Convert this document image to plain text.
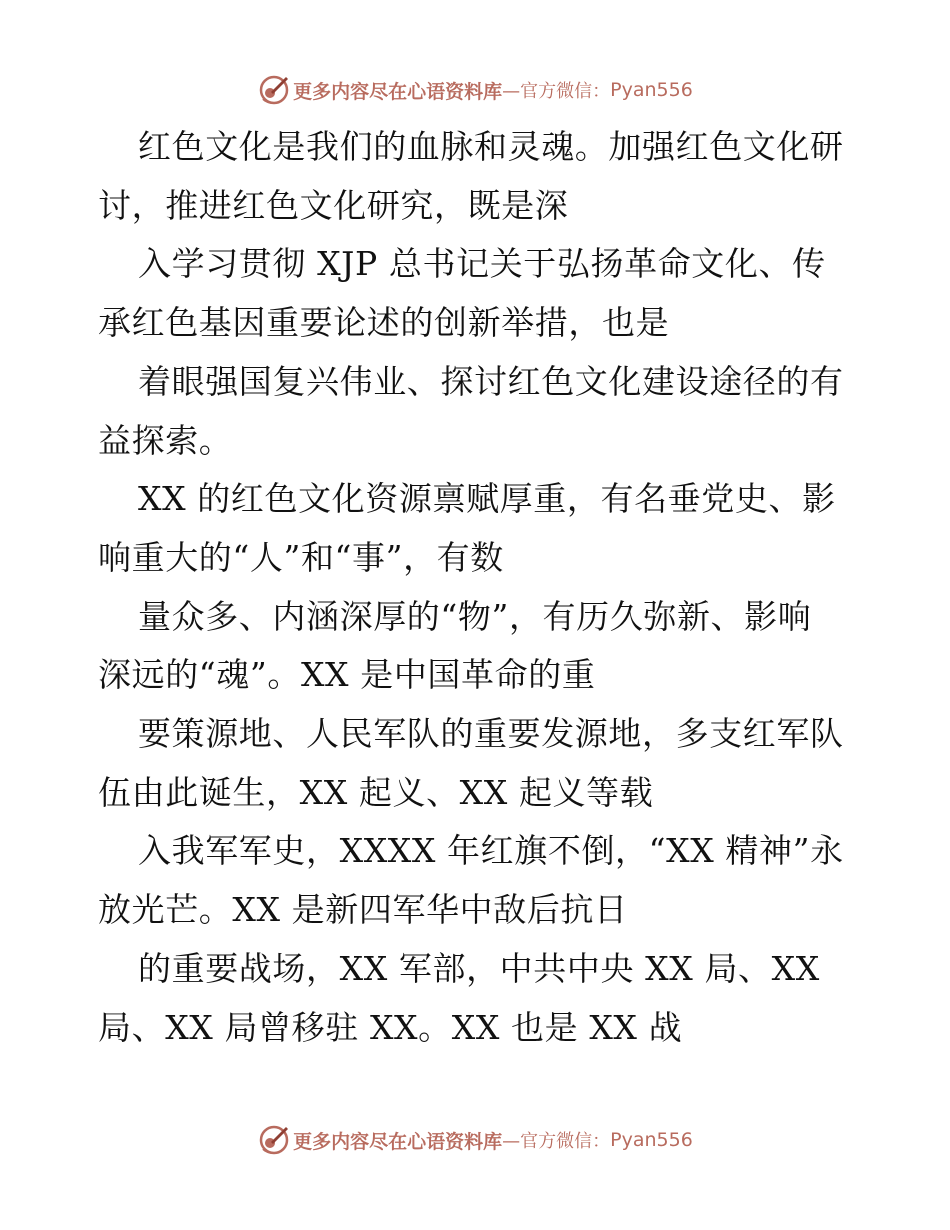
更多内容尽在心语资料库 —官方微信： Pyan556
红色文化是我们的血脉和灵魂。加强红色文化研
讨，推进红色文化研究，既是深
入学习贯彻 XJP 总书记关于弘扬革命文化、传
承红色基因重要论述的创新举措，也是
着眼强国复兴伟业、探讨红色文化建设途径的有
益探索。
XX 的红色文化资源禀赋厚重，有名垂党史、影
响重大的“人”和“事”，有数
量众多、内涵深厚的“物”，有历久弥新、影响
深远的“魂”。XX 是中国革命的重
要策源地、人民军队的重要发源地，多支红军队
伍由此诞生，XX 起义、XX 起义等载
入我军军史，XXXX 年红旗不倒，“XX 精神”永
放光芒。XX 是新四军华中敌后抗日
的重要战场，XX 军部，中共中央 XX 局、XX
局、XX 局曾移驻 XX。XX 也是 XX 战
更多内容尽在心语资料库 —官方微信： Pyan556
